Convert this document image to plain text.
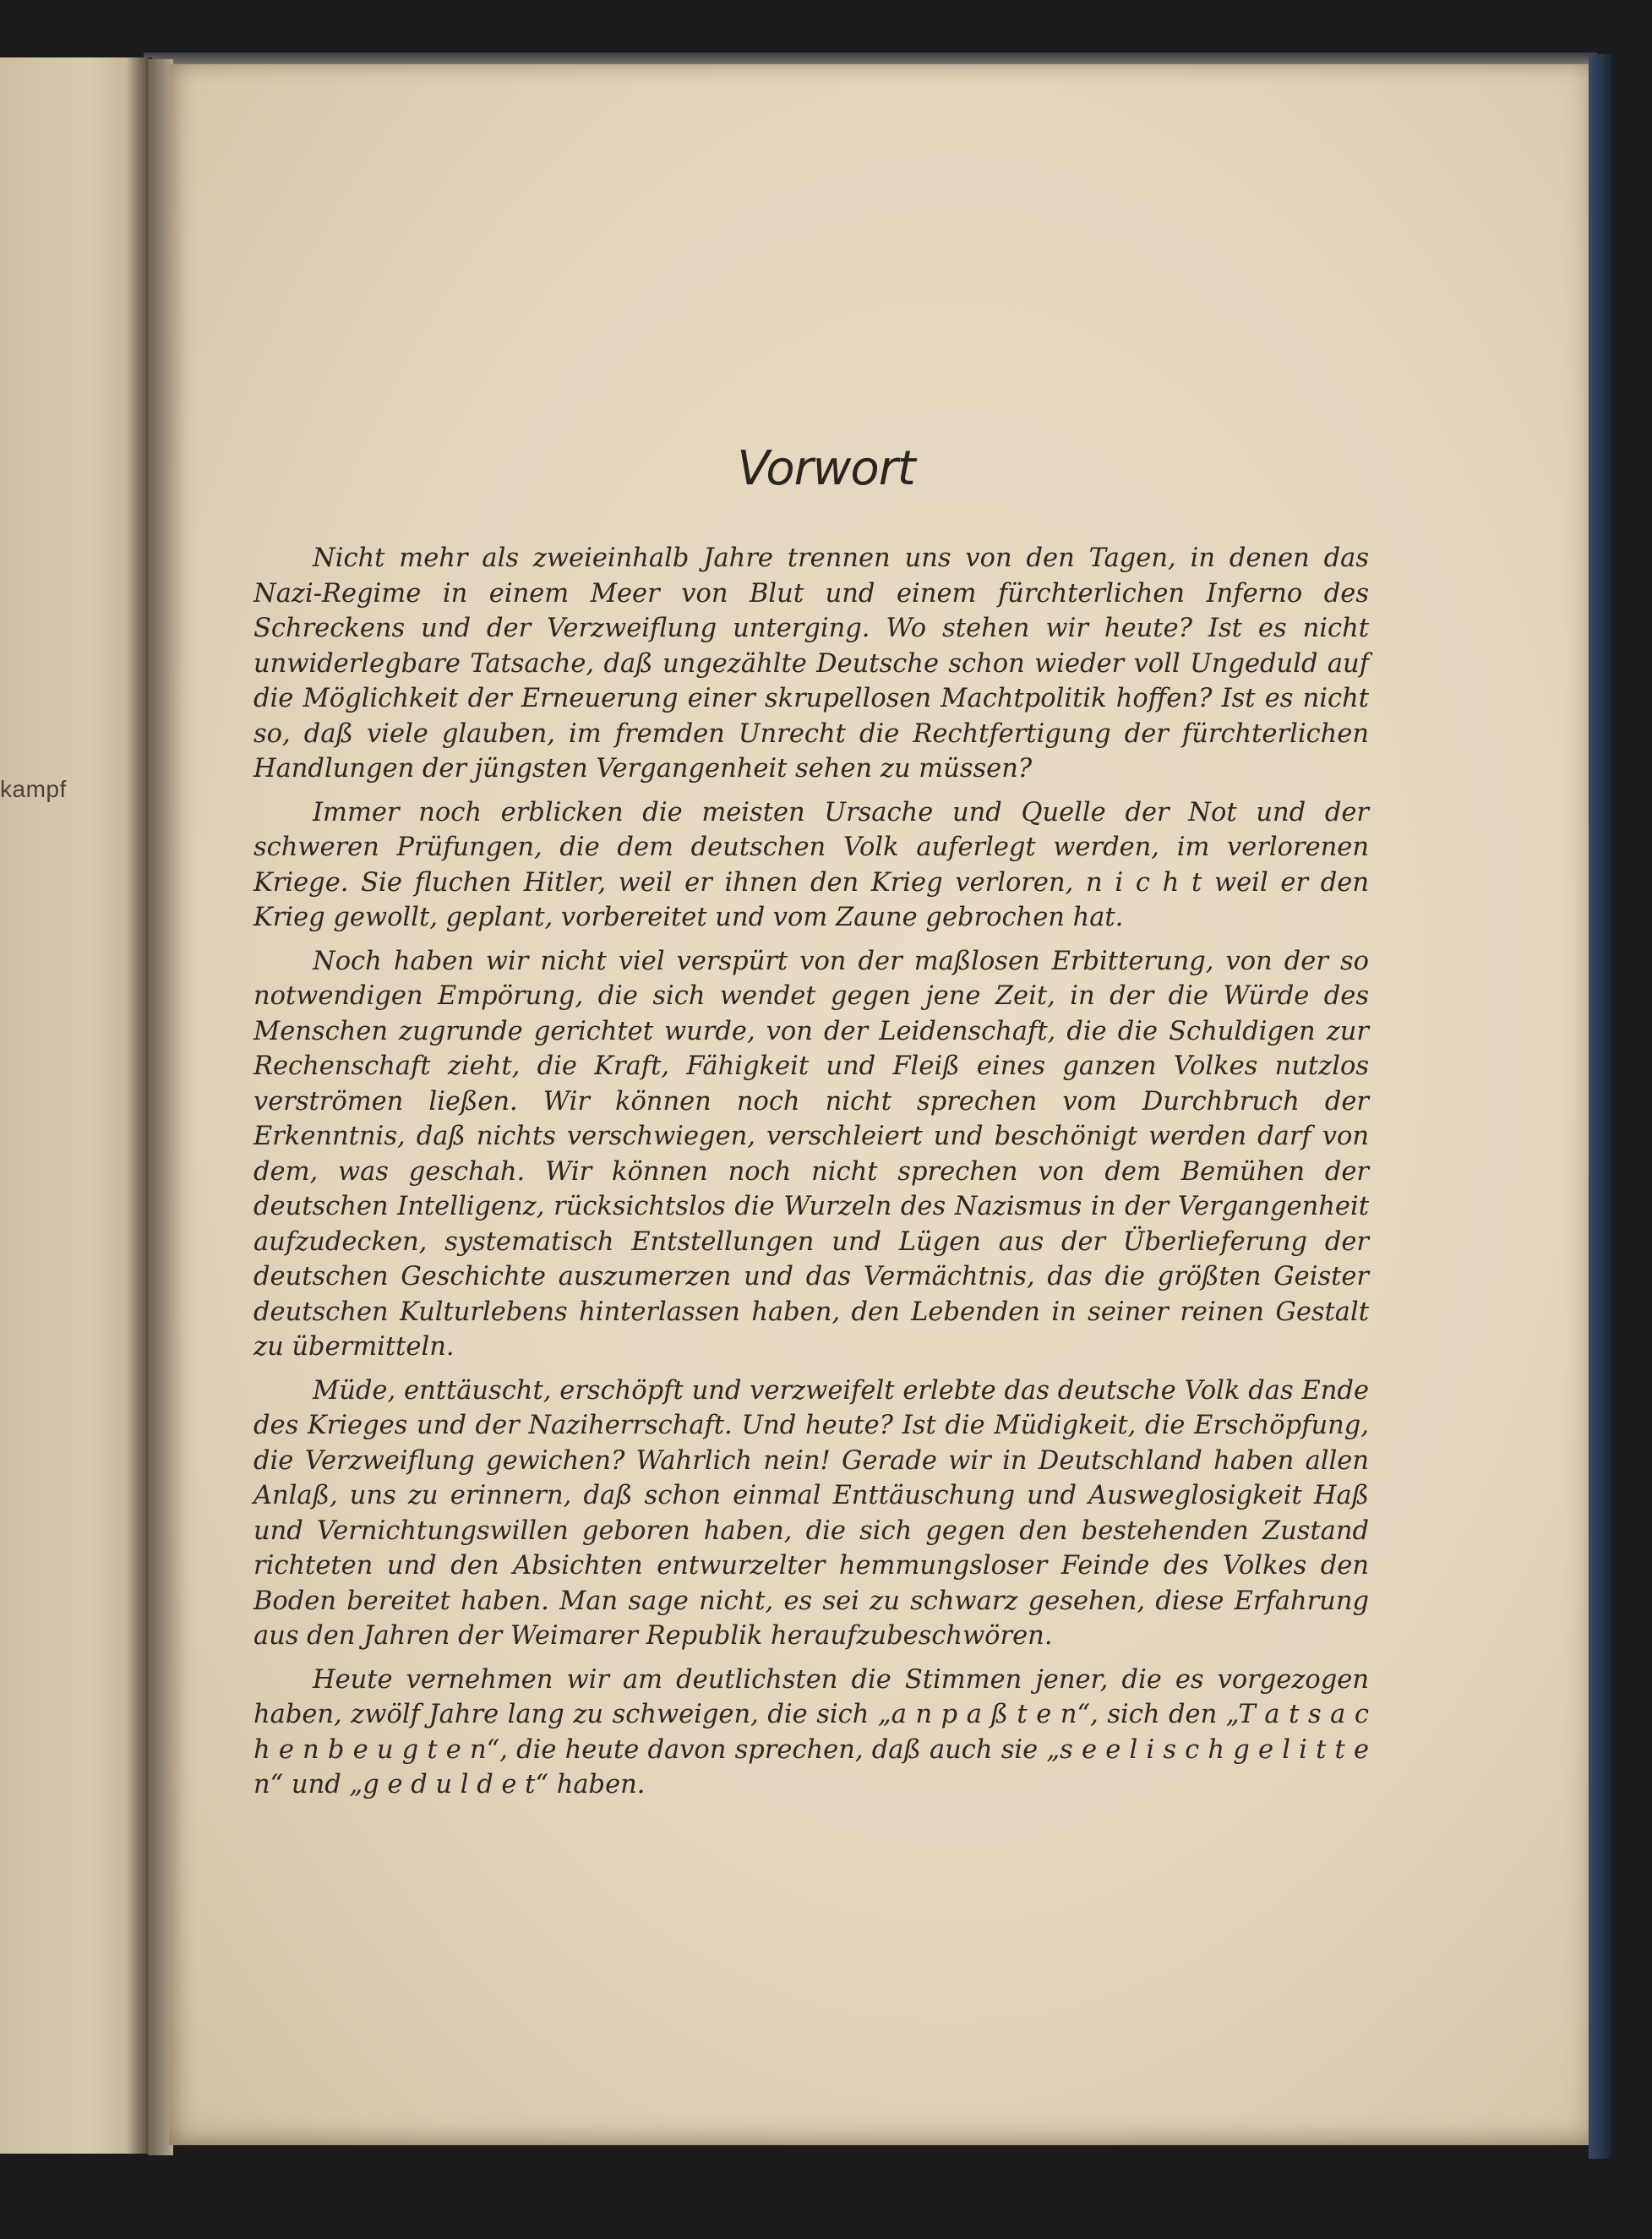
kampf
Vorwort

Nicht mehr als zweieinhalb Jahre trennen uns von den Tagen, in denen das Nazi-Regime in einem Meer von Blut und einem fürchterlichen Inferno des Schreckens und der Verzweiflung unterging. Wo stehen wir heute? Ist es nicht unwiderlegbare Tatsache, daß ungezählte Deutsche schon wieder voll Ungeduld auf die Möglichkeit der Erneuerung einer skrupellosen Machtpolitik hoffen? Ist es nicht so, daß viele glauben, im fremden Unrecht die Rechtfertigung der fürchterlichen Handlungen der jüngsten Vergangenheit sehen zu müssen?

Immer noch erblicken die meisten Ursache und Quelle der Not und der schweren Prüfungen, die dem deutschen Volk auferlegt werden, im verlorenen Kriege. Sie fluchen Hitler, weil er ihnen den Krieg verloren, n i c h t weil er den Krieg gewollt, geplant, vorbereitet und vom Zaune gebrochen hat.

Noch haben wir nicht viel verspürt von der maßlosen Erbitterung, von der so notwendigen Empörung, die sich wendet gegen jene Zeit, in der die Würde des Menschen zugrunde gerichtet wurde, von der Leidenschaft, die die Schuldigen zur Rechenschaft zieht, die Kraft, Fähigkeit und Fleiß eines ganzen Volkes nutzlos verströmen ließen. Wir können noch nicht sprechen vom Durchbruch der Erkenntnis, daß nichts verschwiegen, verschleiert und beschönigt werden darf von dem, was geschah. Wir können noch nicht sprechen von dem Bemühen der deutschen Intelligenz, rücksichtslos die Wurzeln des Nazismus in der Vergangenheit aufzudecken, systematisch Entstellungen und Lügen aus der Überlieferung der deutschen Geschichte auszumerzen und das Vermächtnis, das die größten Geister deutschen Kulturlebens hinterlassen haben, den Lebenden in seiner reinen Gestalt zu übermitteln.

Müde, enttäuscht, erschöpft und verzweifelt erlebte das deutsche Volk das Ende des Krieges und der Naziherrschaft. Und heute? Ist die Müdigkeit, die Erschöpfung, die Verzweiflung gewichen? Wahrlich nein! Gerade wir in Deutschland haben allen Anlaß, uns zu erinnern, daß schon einmal Enttäuschung und Ausweglosigkeit Haß und Vernichtungswillen geboren haben, die sich gegen den bestehenden Zustand richteten und den Absichten entwurzelter hemmungsloser Feinde des Volkes den Boden bereitet haben. Man sage nicht, es sei zu schwarz gesehen, diese Erfahrung aus den Jahren der Weimarer Republik heraufzubeschwören.

Heute vernehmen wir am deutlichsten die Stimmen jener, die es vorgezogen haben, zwölf Jahre lang zu schweigen, die sich „a n p a ß t e n“, sich den „T a t s a c h e n b e u g t e n“, die heute davon sprechen, daß auch sie „s e e l i s c h g e l i t t e n“ und „g e d u l d e t“ haben.
